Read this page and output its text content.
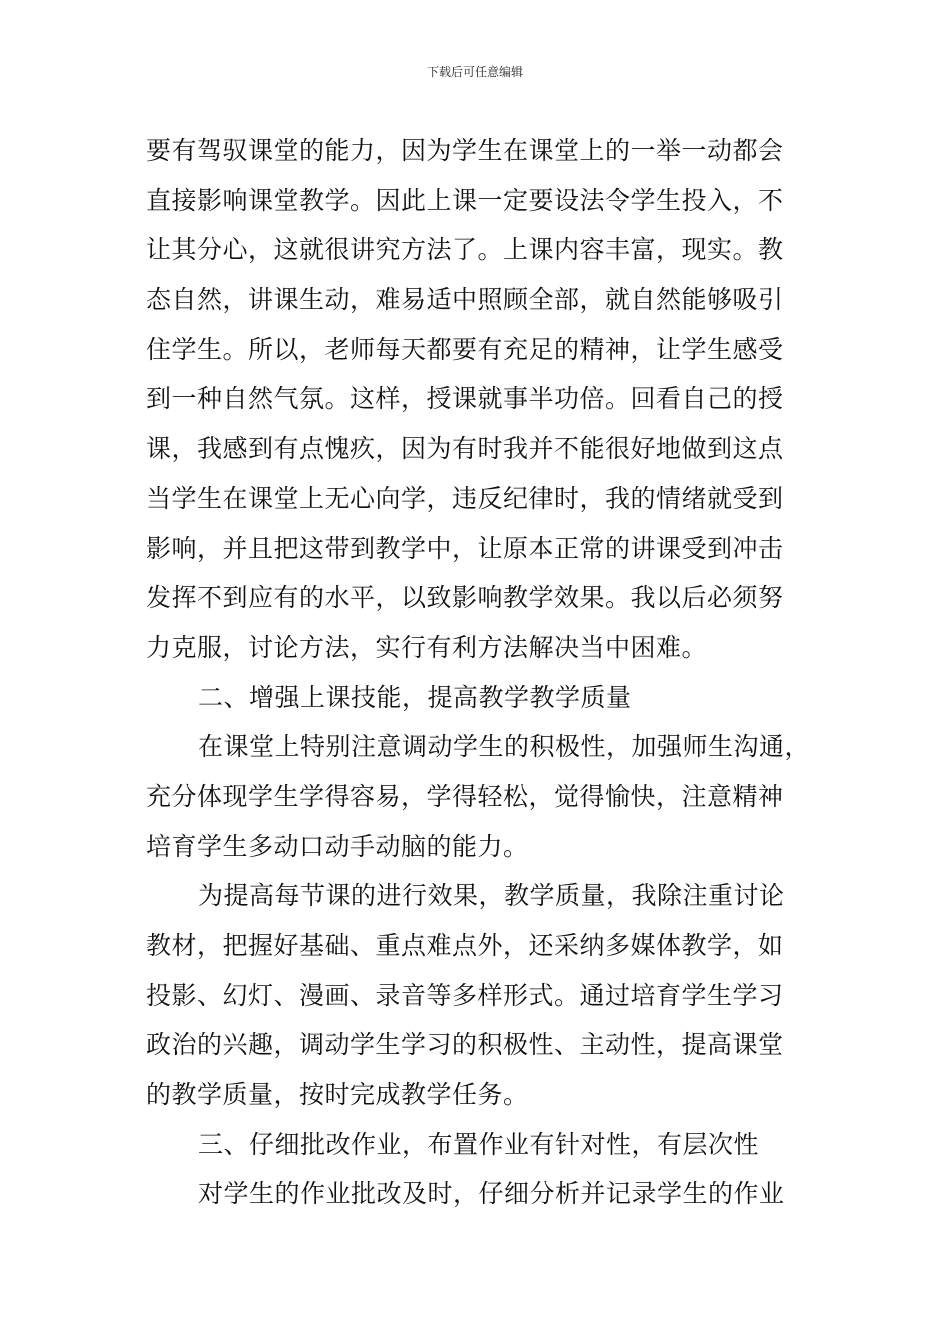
下载后可任意编辑
要有驾驭课堂的能力，因为学生在课堂上的一举一动都会
直接影响课堂教学。因此上课一定要设法令学生投入，不
让其分心，这就很讲究方法了。上课内容丰富，现实。教
态自然，讲课生动，难易适中照顾全部，就自然能够吸引
住学生。所以，老师每天都要有充足的精神，让学生感受
到一种自然气氛。这样，授课就事半功倍。回看自己的授
课，我感到有点愧疚，因为有时我并不能很好地做到这点
当学生在课堂上无心向学，违反纪律时，我的情绪就受到
影响，并且把这带到教学中，让原本正常的讲课受到冲击
发挥不到应有的水平，以致影响教学效果。我以后必须努
力克服，讨论方法，实行有利方法解决当中困难。
二、增强上课技能，提高教学教学质量
在课堂上特别注意调动学生的积极性，加强师生沟通，
充分体现学生学得容易，学得轻松，觉得愉快，注意精神
培育学生多动口动手动脑的能力。
为提高每节课的进行效果，教学质量，我除注重讨论
教材，把握好基础、重点难点外，还采纳多媒体教学，如
投影、幻灯、漫画、录音等多样形式。通过培育学生学习
政治的兴趣，调动学生学习的积极性、主动性，提高课堂
的教学质量，按时完成教学任务。
三、仔细批改作业，布置作业有针对性，有层次性
对学生的作业批改及时，仔细分析并记录学生的作业
